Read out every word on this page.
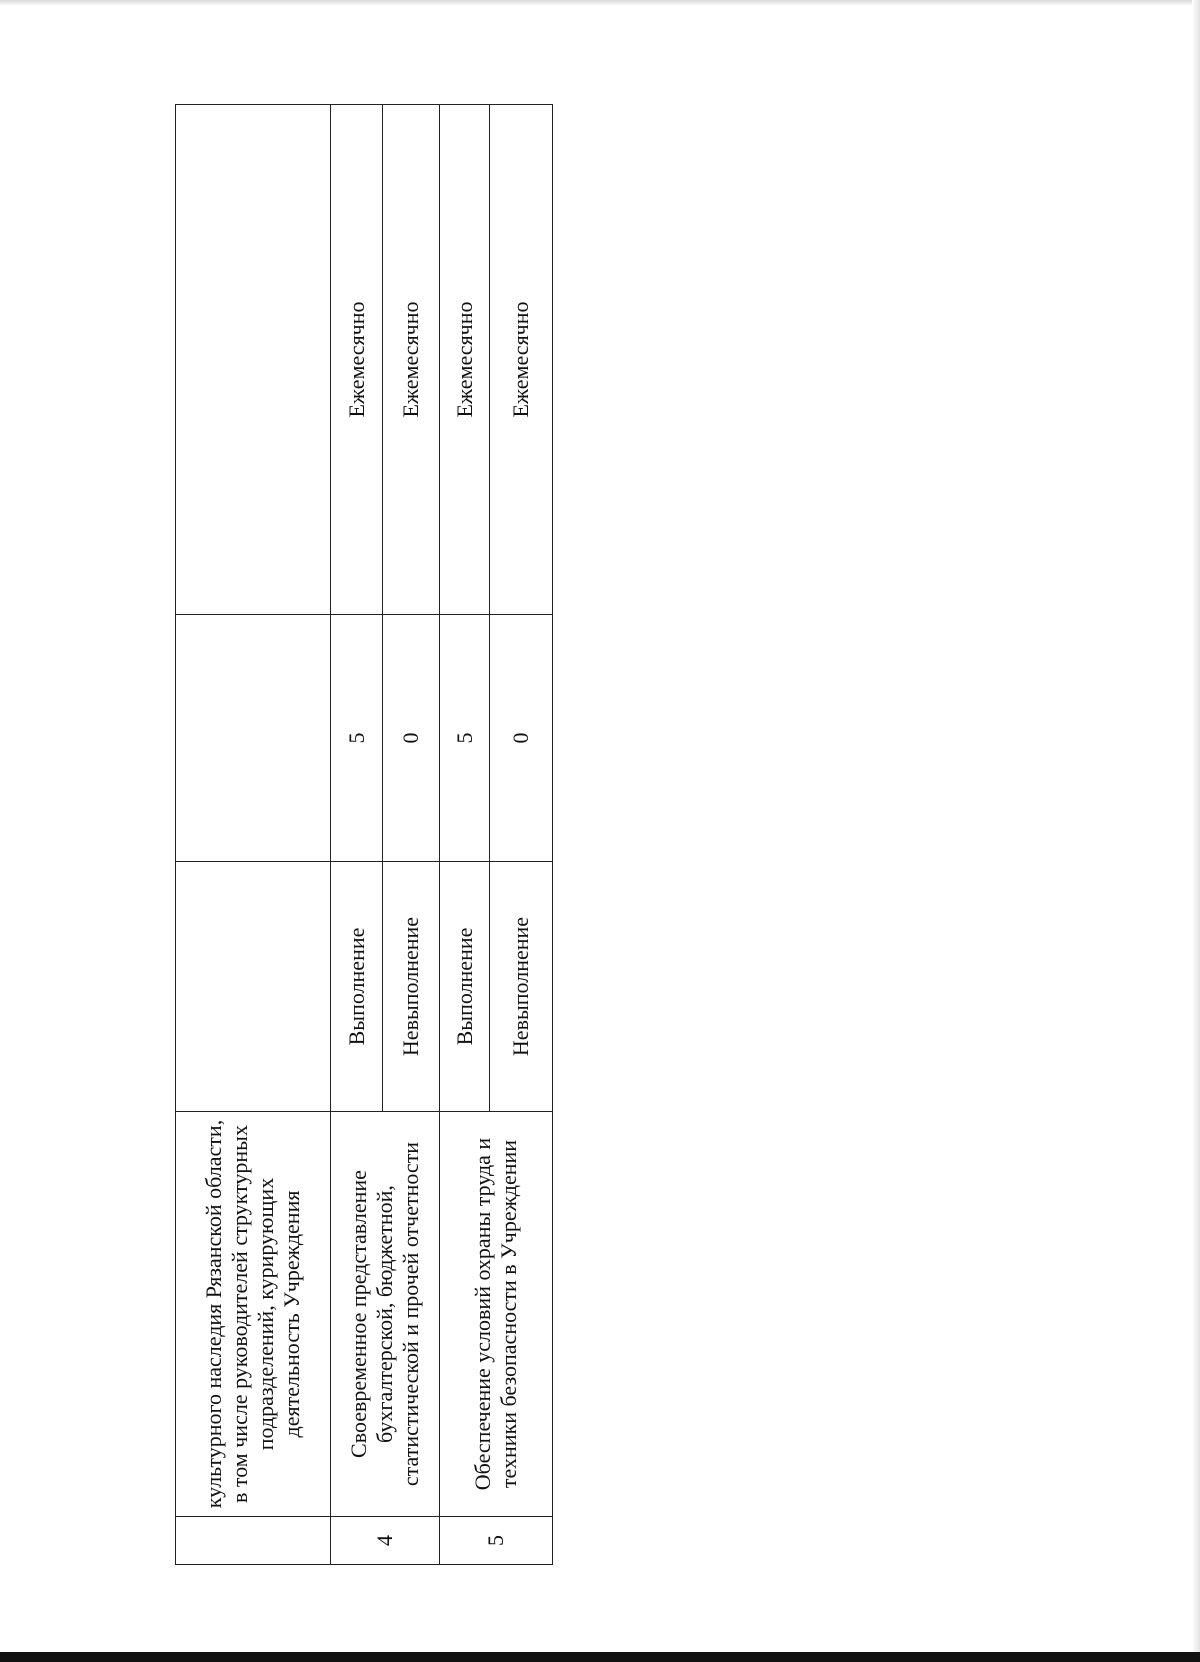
	культурного наследия Рязанской области, в том числе руководителей структурных подразделений, курирующих деятельность Учреждения			
4	Своевременное представление бухгалтерской, бюджетной, статистической и прочей отчетности	Выполнение	5	Ежемесячно
		Невыполнение	0	Ежемесячно
5	Обеспечение условий охраны труда и техники безопасности в Учреждении	Выполнение	5	Ежемесячно
		Невыполнение	0	Ежемесячно
